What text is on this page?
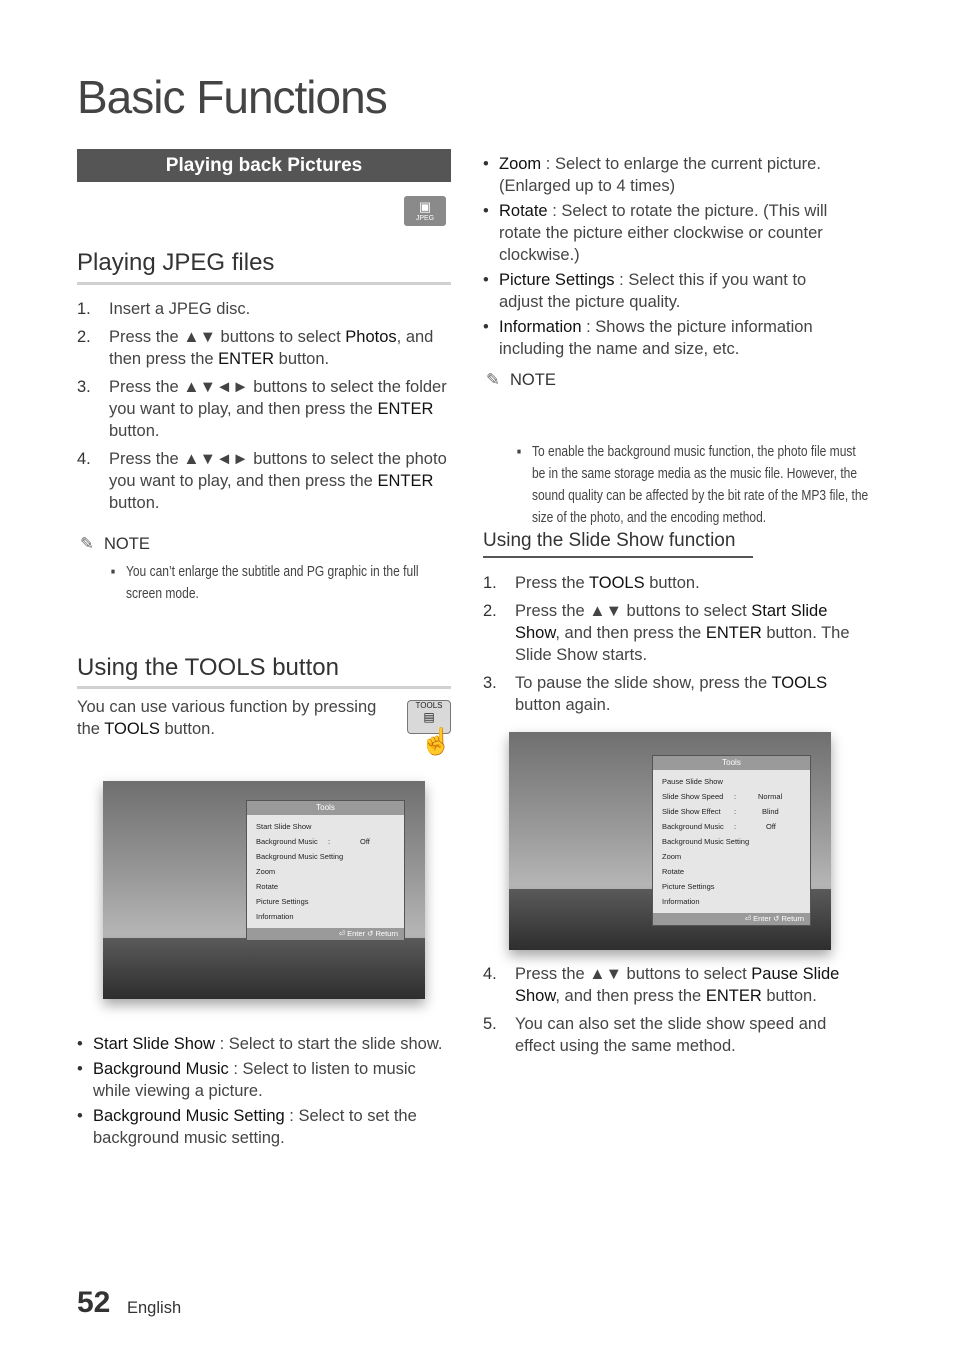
Basic Functions
Playing back Pictures
▣
JPEG
Playing JPEG files
1. Insert a JPEG disc.
2. Press the ▲▼ buttons to select Photos, and then press the ENTER button.
3. Press the ▲▼◄► buttons to select the folder you want to play, and then press the ENTER button.
4. Press the ▲▼◄► buttons to select the photo you want to play, and then press the ENTER button.
✎ NOTE
■ You can’t enlarge the subtitle and PG graphic in the full screen mode.
Using the TOOLS button
You can use various function by pressing the TOOLS button.
TOOLS
▤
☝
Tools
Start Slide Show
Background Music :	Off
Background Music Setting
Zoom
Rotate
Picture Settings
Information
⏎ Enter ↺ Return
• Start Slide Show : Select to start the slide show.
• Background Music : Select to listen to music while viewing a picture.
• Background Music Setting : Select to set the background music setting.
• Zoom : Select to enlarge the current picture. (Enlarged up to 4 times)
• Rotate : Select to rotate the picture. (This will rotate the picture either clockwise or counter clockwise.)
• Picture Settings : Select this if you want to adjust the picture quality.
• Information : Shows the picture information including the name and size, etc.
✎ NOTE
■ To enable the background music function, the photo file must be in the same storage media as the music file. However, the sound quality can be affected by the bit rate of the MP3 file, the size of the photo, and the encoding method.
Using the Slide Show function
1. Press the TOOLS button.
2. Press the ▲▼ buttons to select Start Slide Show, and then press the ENTER button. The Slide Show starts.
3. To pause the slide show, press the TOOLS button again.
Tools
Pause Slide Show
Slide Show Speed :	Normal
Slide Show Effect :	Blind
Background Music :	Off
Background Music Setting
Zoom
Rotate
Picture Settings
Information
⏎ Enter ↺ Return
4. Press the ▲▼ buttons to select Pause Slide Show, and then press the ENTER button.
5. You can also set the slide show speed and effect using the same method.
52 English
